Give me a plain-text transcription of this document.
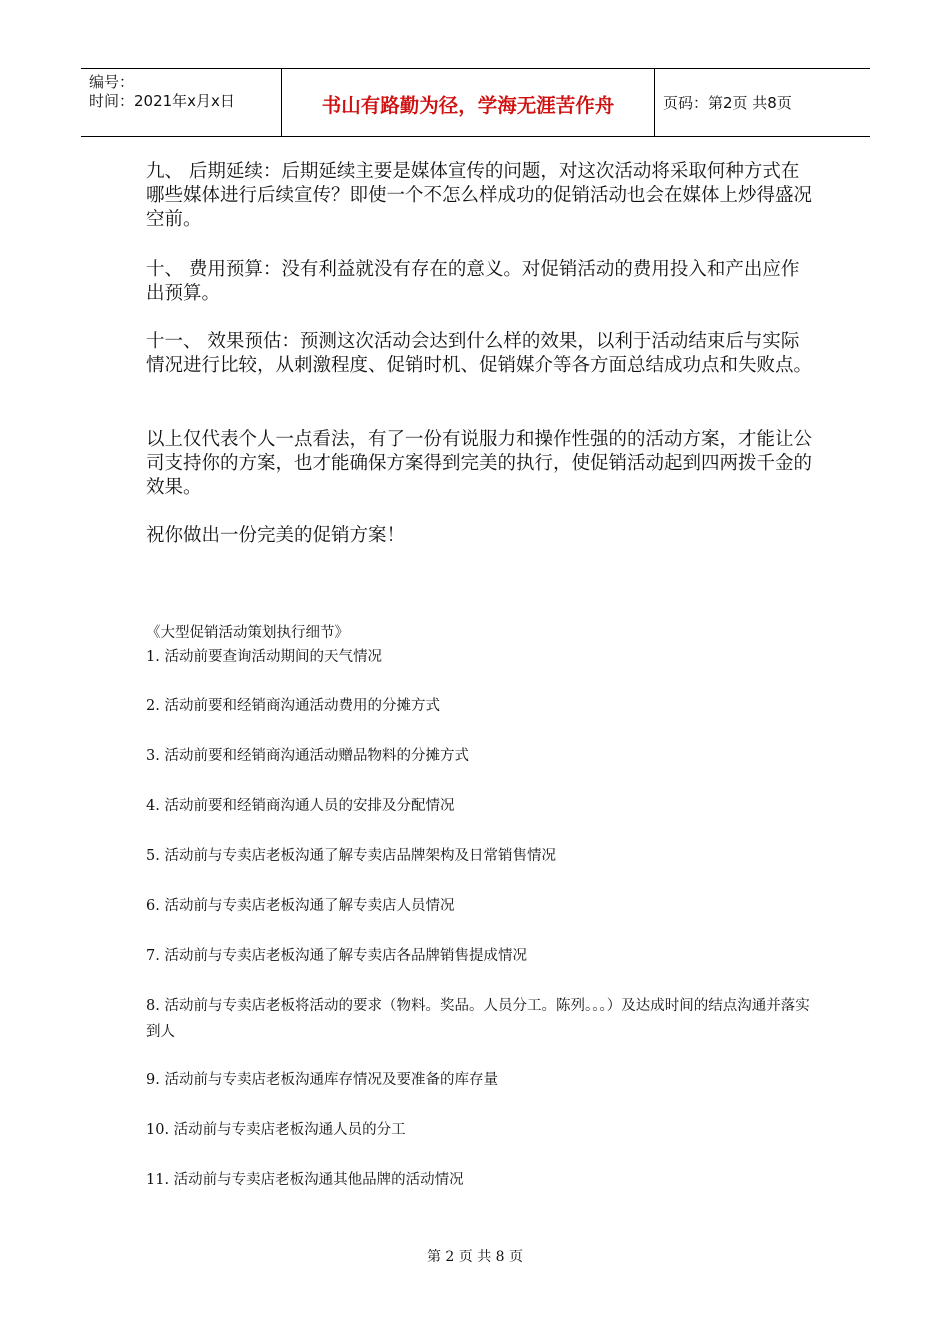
编号：
时间：2021年x月x日	书山有路勤为径，学海无涯苦作舟	页码：第2页 共8页

九、 后期延续：后期延续主要是媒体宣传的问题，对这次活动将采取何种方式在哪些媒体进行后续宣传？即使一个不怎么样成功的促销活动也会在媒体上炒得盛况空前。

十、 费用预算：没有利益就没有存在的意义。对促销活动的费用投入和产出应作出预算。

十一、 效果预估：预测这次活动会达到什么样的效果，以利于活动结束后与实际情况进行比较，从刺激程度、促销时机、促销媒介等各方面总结成功点和失败点。

以上仅代表个人一点看法，有了一份有说服力和操作性强的的活动方案，才能让公司支持你的方案，也才能确保方案得到完美的执行，使促销活动起到四两拨千金的效果。

祝你做出一份完美的促销方案！

《大型促销活动策划执行细节》

1. 活动前要查询活动期间的天气情况

2. 活动前要和经销商沟通活动费用的分摊方式

3. 活动前要和经销商沟通活动赠品物料的分摊方式

4. 活动前要和经销商沟通人员的安排及分配情况

5. 活动前与专卖店老板沟通了解专卖店品牌架构及日常销售情况

6. 活动前与专卖店老板沟通了解专卖店人员情况

7. 活动前与专卖店老板沟通了解专卖店各品牌销售提成情况

8. 活动前与专卖店老板将活动的要求（物料。奖品。人员分工。陈列。。。）及达成时间的结点沟通并落实到人

9. 活动前与专卖店老板沟通库存情况及要准备的库存量

10. 活动前与专卖店老板沟通人员的分工

11. 活动前与专卖店老板沟通其他品牌的活动情况

第 2 页 共 8 页
